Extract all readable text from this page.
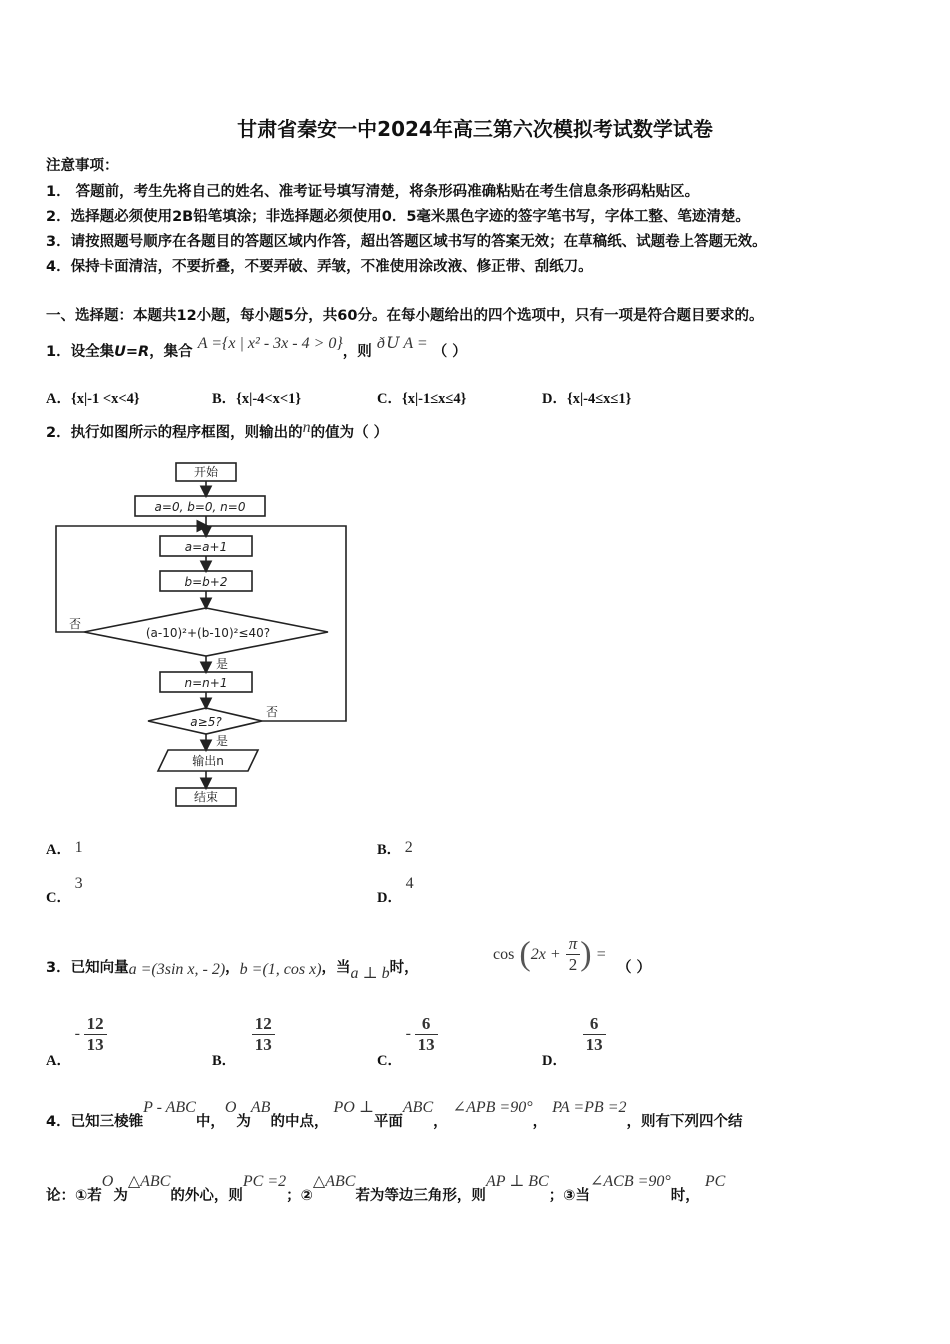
甘肃省秦安一中2024年高三第六次模拟考试数学试卷
注意事项：
1． 答题前，考生先将自己的姓名、准考证号填写清楚，将条形码准确粘贴在考生信息条形码粘贴区。
2．选择题必须使用2B铅笔填涂；非选择题必须使用0．5毫米黑色字迹的签字笔书写，字体工整、笔迹清楚。
3．请按照题号顺序在各题目的答题区域内作答，超出答题区域书写的答案无效；在草稿纸、试题卷上答题无效。
4．保持卡面清洁，不要折叠，不要弄破、弄皱，不准使用涂改液、修正带、刮纸刀。
一、选择题：本题共12小题，每小题5分，共60分。在每小题给出的四个选项中，只有一项是符合题目要求的。
1．设全集U=R，集合 A ={x | x² - 3x - 4 > 0}，则 ð 𝑈 A = （ ）
A．{x|-1 <x<4}	B．{x|-4<x<1}	C．{x|-1≤x≤4}	D．{x|-4≤x≤1}
2．执行如图所示的程序框图，则输出的n的值为（ ）
开始
a=0, b=0, n=0
a=a+1
b=b+2
(a-10)²+(b-10)²≤40?
是
否
n=n+1
a≥5?
否
是
输出n
结束
A． 1	B． 2
C． 3
D． 4
3．已知向量a =(3sin x, - 2)，b =(1, cos x)，当a ⊥ b时，
$\cos (2x + \frac{\pi}{2}$ ) =
（ ）
A． - $\frac{12}{13}$
B．
$\frac{12}{13}$
C． - $\frac{6}{13}$
D．
$\frac{6}{13}$
4．已知三棱锥P - ABC中，O为AB的中点， PO ⊥平面ABC， ∠APB =90°， PA =PB =2，则有下列四个结
论：①若O为△ABC的外心，则PC =2；②△ABC若为等边三角形，则AP ⊥ BC；③当∠ACB =90°时， PC
